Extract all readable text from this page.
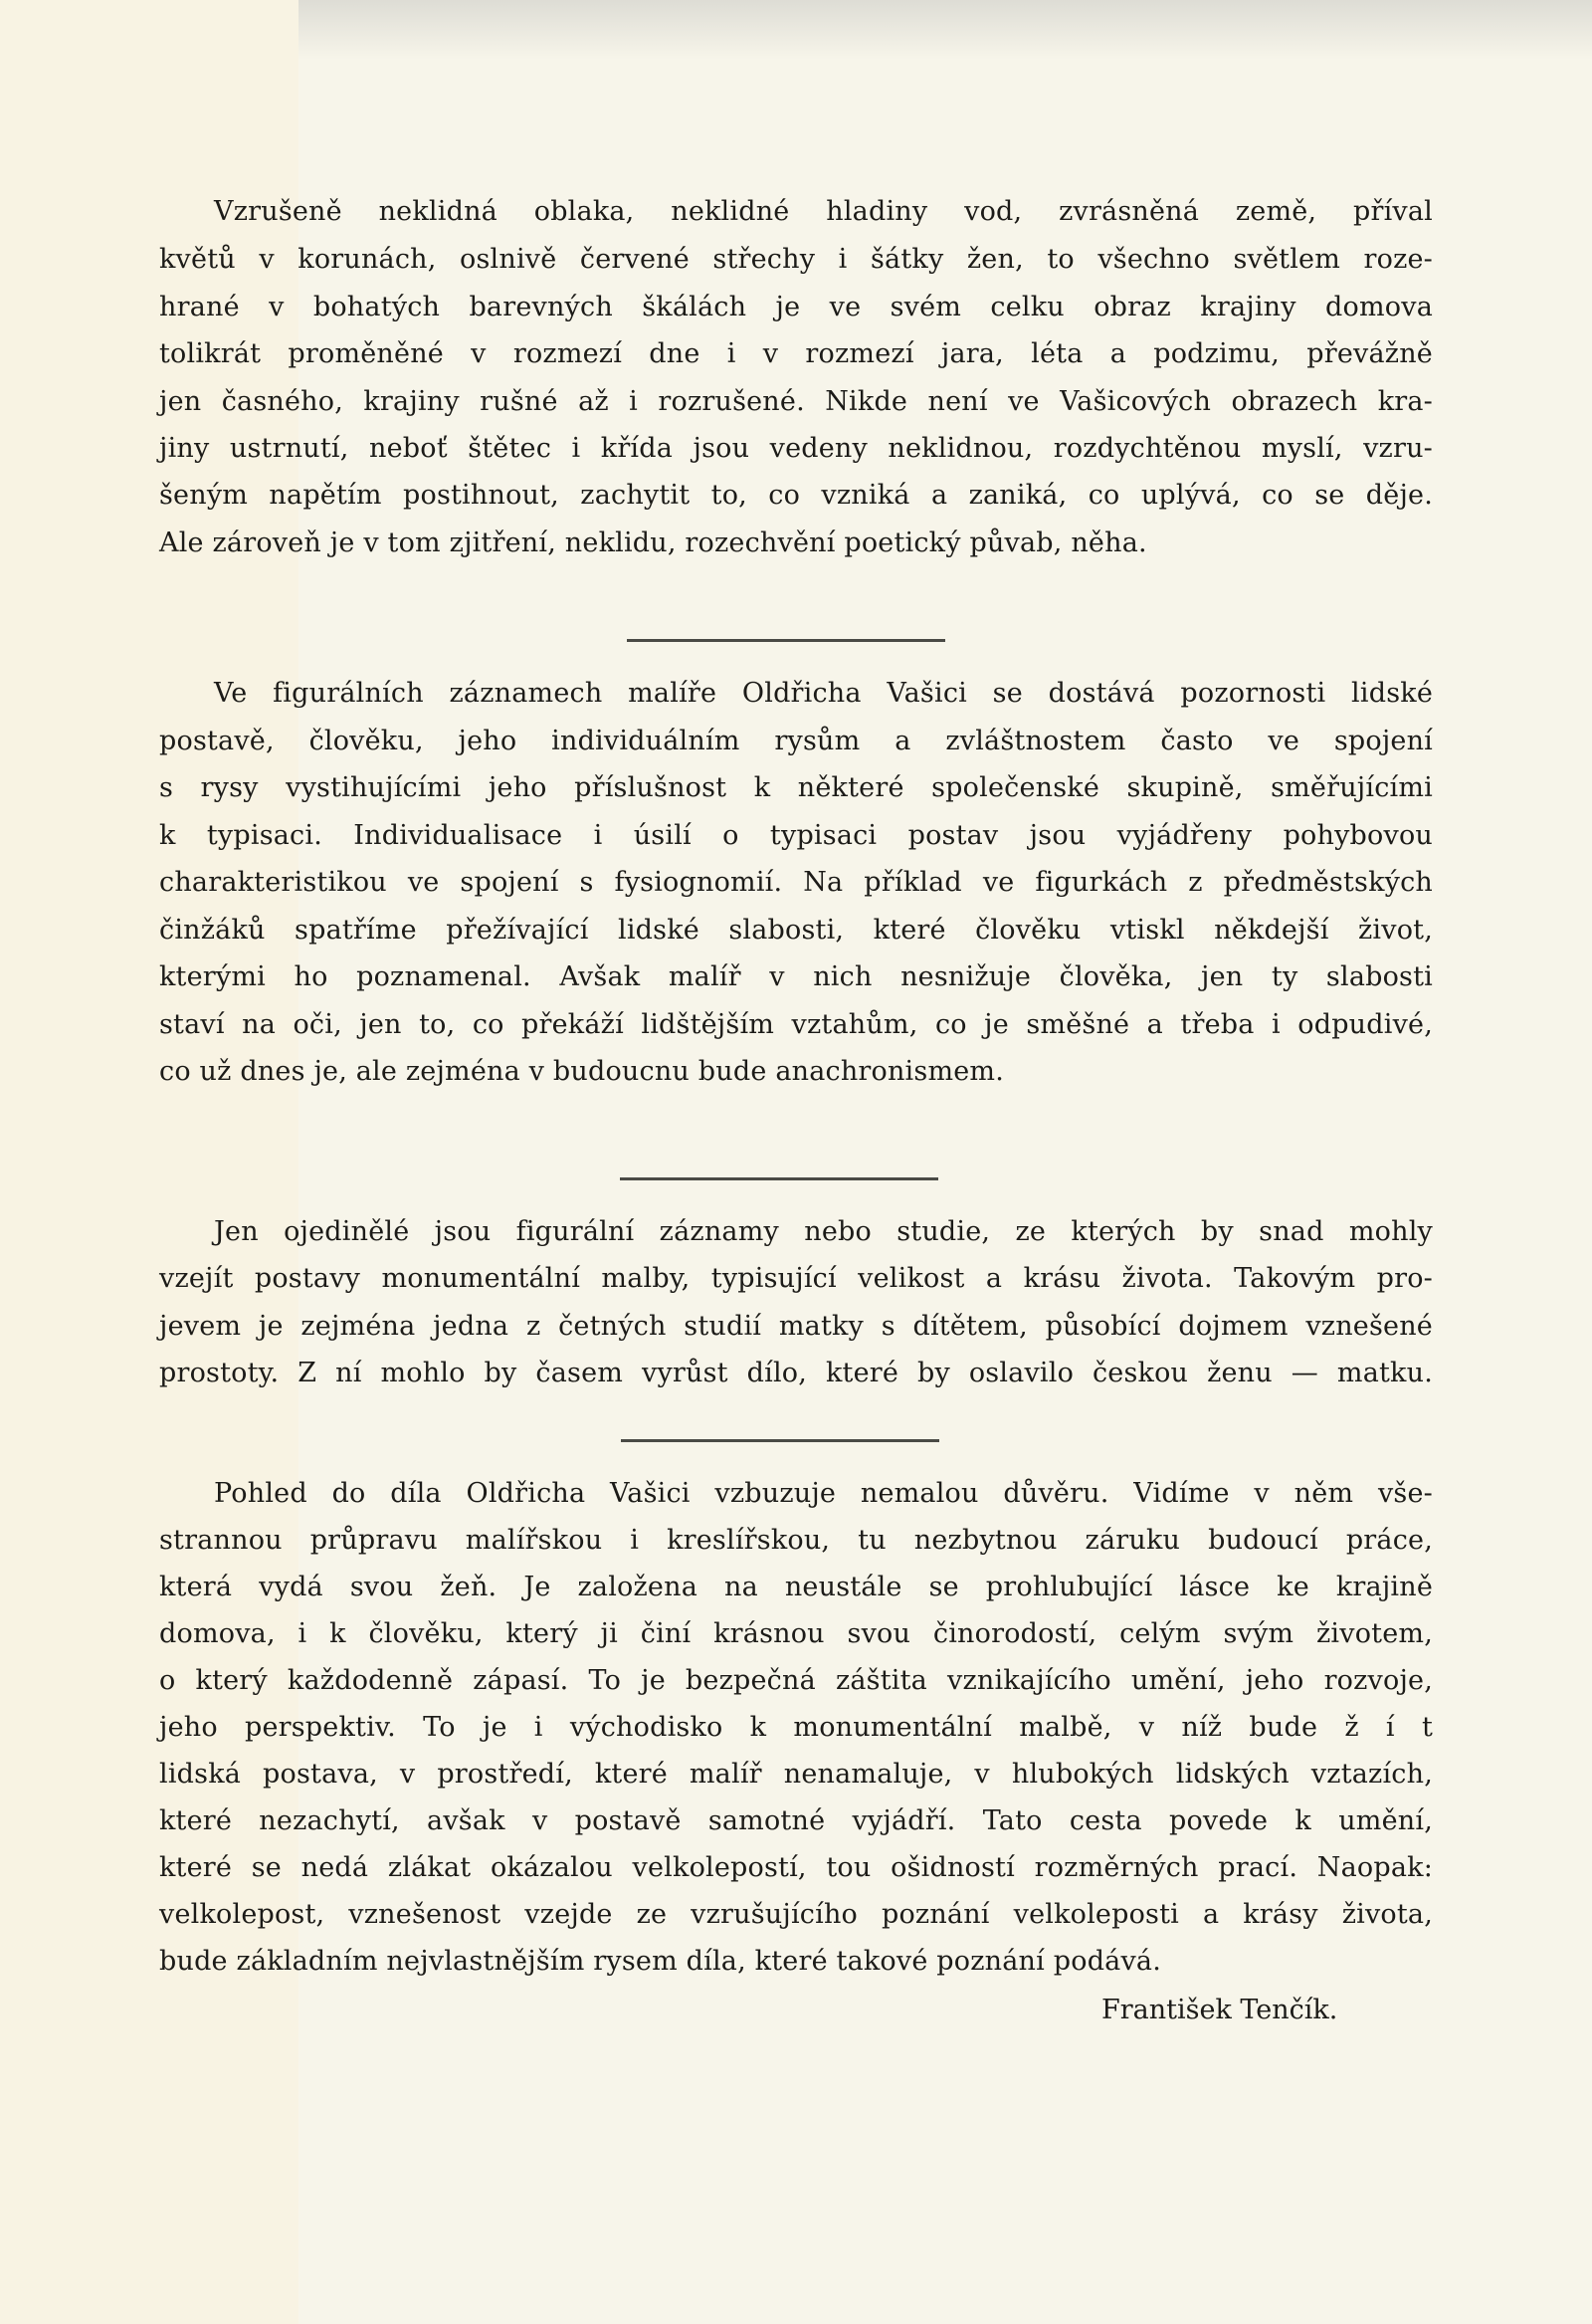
Vzrušeně neklidná oblaka, neklidné hladiny vod, zvrásněná země, příval
květů v korunách, oslnivě červené střechy i šátky žen, to všechno světlem roze-
hrané v bohatých barevných škálách je ve svém celku obraz krajiny domova
tolikrát proměněné v rozmezí dne i v rozmezí jara, léta a podzimu, převážně
jen časného, krajiny rušné až i rozrušené. Nikde není ve Vašicových obrazech kra-
jiny ustrnutí, neboť štětec i křída jsou vedeny neklidnou, rozdychtěnou myslí, vzru-
šeným napětím postihnout, zachytit to, co vzniká a zaniká, co uplývá, co se děje.
Ale zároveň je v tom zjitření, neklidu, rozechvění poetický půvab, něha.
Ve figurálních záznamech malíře Oldřicha Vašici se dostává pozornosti lidské
postavě, člověku, jeho individuálním rysům a zvláštnostem často ve spojení
s rysy vystihujícími jeho příslušnost k některé společenské skupině, směřujícími
k typisaci. Individualisace i úsilí o typisaci postav jsou vyjádřeny pohybovou
charakteristikou ve spojení s fysiognomií. Na příklad ve figurkách z předměstských
činžáků spatříme přežívající lidské slabosti, které člověku vtiskl někdejší život,
kterými ho poznamenal. Avšak malíř v nich nesnižuje člověka, jen ty slabosti
staví na oči, jen to, co překáží lidštějším vztahům, co je směšné a třeba i odpudivé,
co už dnes je, ale zejména v budoucnu bude anachronismem.
Jen ojedinělé jsou figurální záznamy nebo studie, ze kterých by snad mohly
vzejít postavy monumentální malby, typisující velikost a krásu života. Takovým pro-
jevem je zejména jedna z četných studií matky s dítětem, působící dojmem vznešené
prostoty. Z ní mohlo by časem vyrůst dílo, které by oslavilo českou ženu — matku.
Pohled do díla Oldřicha Vašici vzbuzuje nemalou důvěru. Vidíme v něm vše-
strannou průpravu malířskou i kreslířskou, tu nezbytnou záruku budoucí práce,
která vydá svou žeň. Je založena na neustále se prohlubující lásce ke krajině
domova, i k člověku, který ji činí krásnou svou činorodostí, celým svým životem,
o který každodenně zápasí. To je bezpečná záštita vznikajícího umění, jeho rozvoje,
jeho perspektiv. To je i východisko k monumentální malbě, v níž bude ž í t
lidská postava, v prostředí, které malíř nenamaluje, v hlubokých lidských vztazích,
které nezachytí, avšak v postavě samotné vyjádří. Tato cesta povede k umění,
které se nedá zlákat okázalou velkolepostí, tou ošidností rozměrných prací. Naopak:
velkolepost, vznešenost vzejde ze vzrušujícího poznání velkoleposti a krásy života,
bude základním nejvlastnějším rysem díla, které takové poznání podává.
František Tenčík.
